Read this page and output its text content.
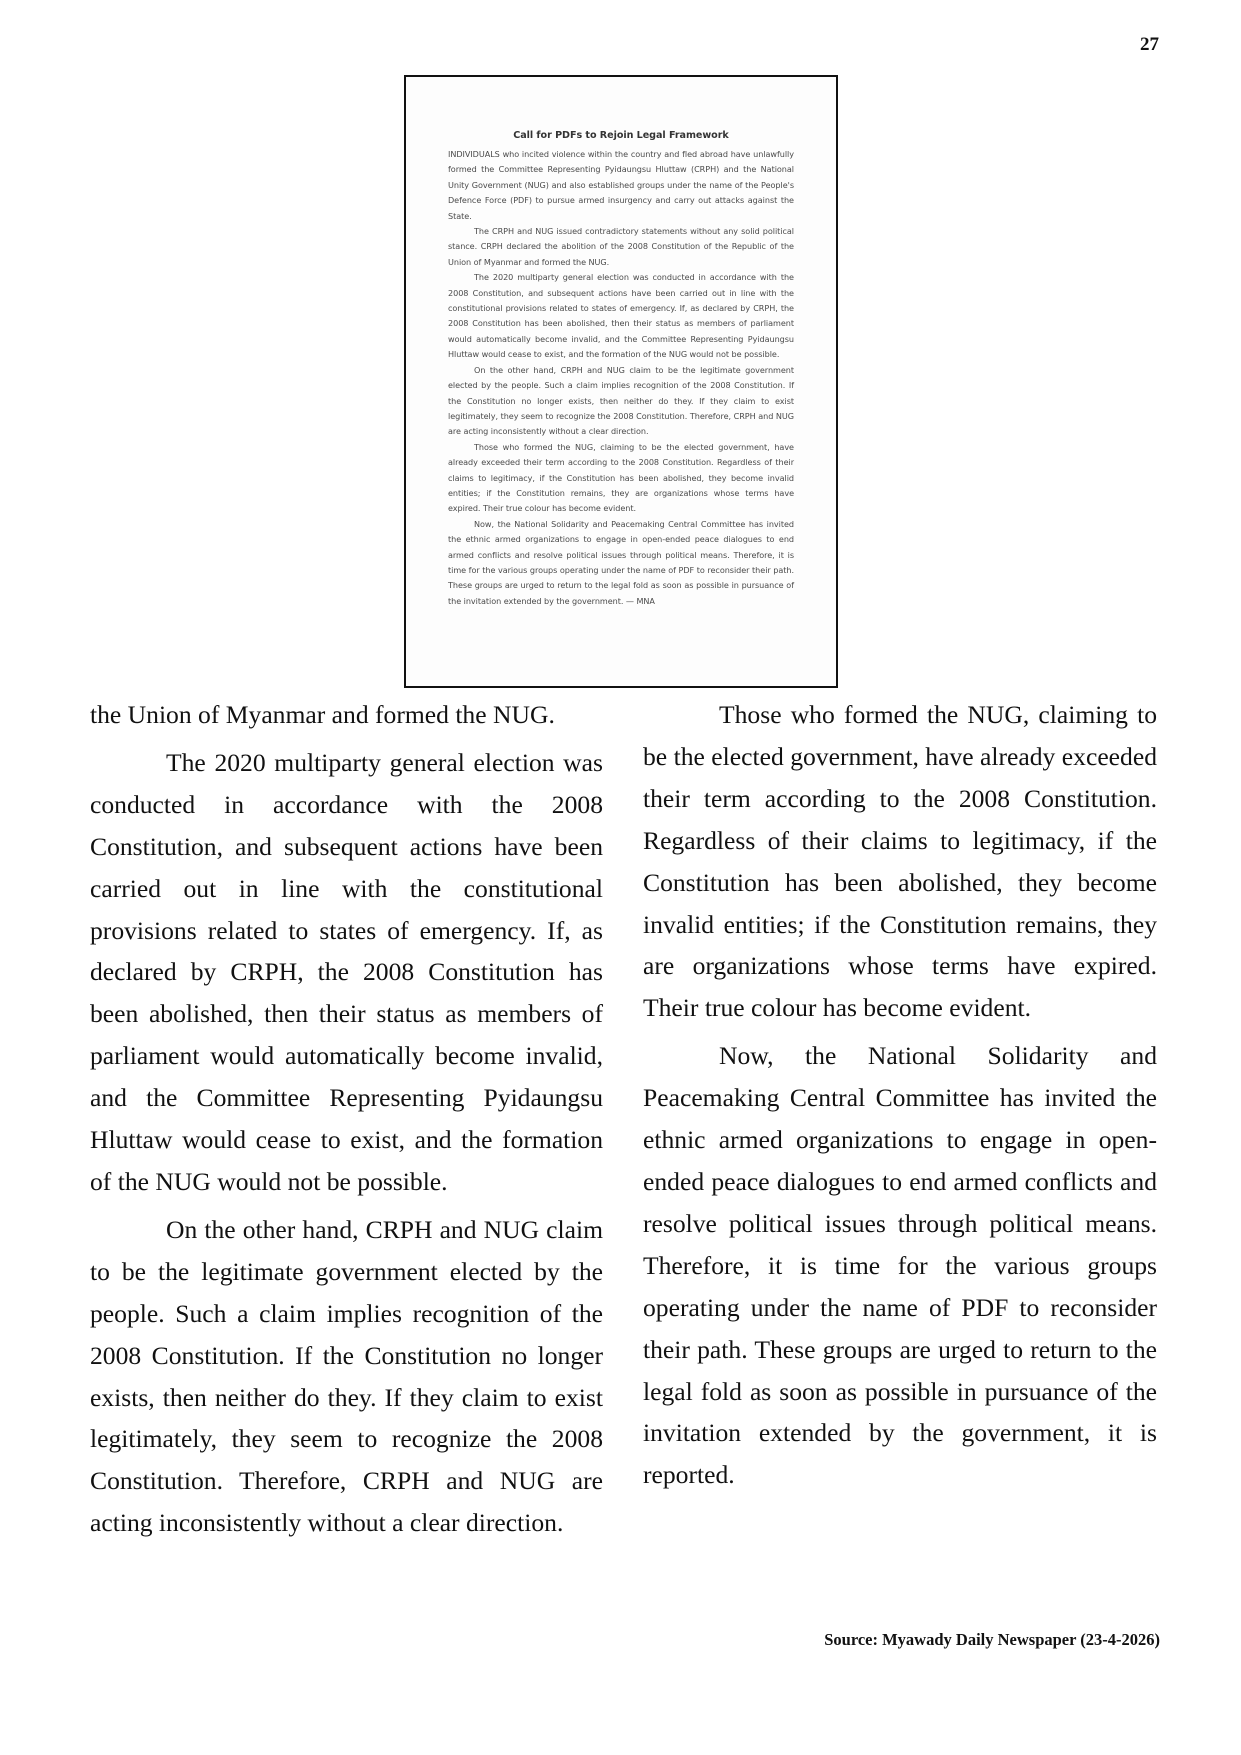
27
Call for PDFs to Rejoin Legal Framework

INDIVIDUALS who incited violence within the country and fled abroad have unlawfully formed the Committee Representing Pyidaungsu Hluttaw (CRPH) and the National Unity Government (NUG) and also established groups under the name of the People's Defence Force (PDF) to pursue armed insurgency and carry out attacks against the State.

The CRPH and NUG issued contradictory statements without any solid political stance. CRPH declared the abolition of the 2008 Constitution of the Republic of the Union of Myanmar and formed the NUG.

The 2020 multiparty general election was conducted in accordance with the 2008 Constitution, and subsequent actions have been carried out in line with the constitutional provisions related to states of emergency. If, as declared by CRPH, the 2008 Constitution has been abolished, then their status as members of parliament would automatically become invalid, and the Committee Representing Pyidaungsu Hluttaw would cease to exist, and the formation of the NUG would not be possible.

On the other hand, CRPH and NUG claim to be the legitimate government elected by the people. Such a claim implies recognition of the 2008 Constitution. If the Constitution no longer exists, then neither do they. If they claim to exist legitimately, they seem to recognize the 2008 Constitution. Therefore, CRPH and NUG are acting inconsistently without a clear direction.

Those who formed the NUG, claiming to be the elected government, have already exceeded their term according to the 2008 Constitution. Regardless of their claims to legitimacy, if the Constitution has been abolished, they become invalid entities; if the Constitution remains, they are organizations whose terms have expired. Their true colour has become evident.

Now, the National Solidarity and Peacemaking Central Committee has invited the ethnic armed organizations to engage in open-ended peace dialogues to end armed conflicts and resolve political issues through political means. Therefore, it is time for the various groups operating under the name of PDF to reconsider their path. These groups are urged to return to the legal fold as soon as possible in pursuance of the invitation extended by the government. — MNA

the Union of Myanmar and formed the NUG.

The 2020 multiparty general election was conducted in accordance with the 2008 Constitution, and subsequent actions have been carried out in line with the constitutional provisions related to states of emergency. If, as declared by CRPH, the 2008 Constitution has been abolished, then their status as members of parliament would automatically become invalid, and the Committee Representing Pyidaungsu Hluttaw would cease to exist, and the formation of the NUG would not be possible.

On the other hand, CRPH and NUG claim to be the legitimate government elected by the people. Such a claim implies recognition of the 2008 Constitution. If the Constitution no longer exists, then neither do they. If they claim to exist legitimately, they seem to recognize the 2008 Constitution. Therefore, CRPH and NUG are acting inconsistently without a clear direction.

Those who formed the NUG, claiming to be the elected government, have already exceeded their term according to the 2008 Constitution. Regardless of their claims to legitimacy, if the Constitution has been abolished, they become invalid entities; if the Constitution remains, they are organizations whose terms have expired. Their true colour has become evident.

Now, the National Solidarity and Peacemaking Central Committee has invited the ethnic armed organizations to engage in open-ended peace dialogues to end armed conflicts and resolve political issues through political means. Therefore, it is time for the various groups operating under the name of PDF to reconsider their path. These groups are urged to return to the legal fold as soon as possible in pursuance of the invitation extended by the government, it is reported.

Source: Myawady Daily Newspaper (23-4-2026)
